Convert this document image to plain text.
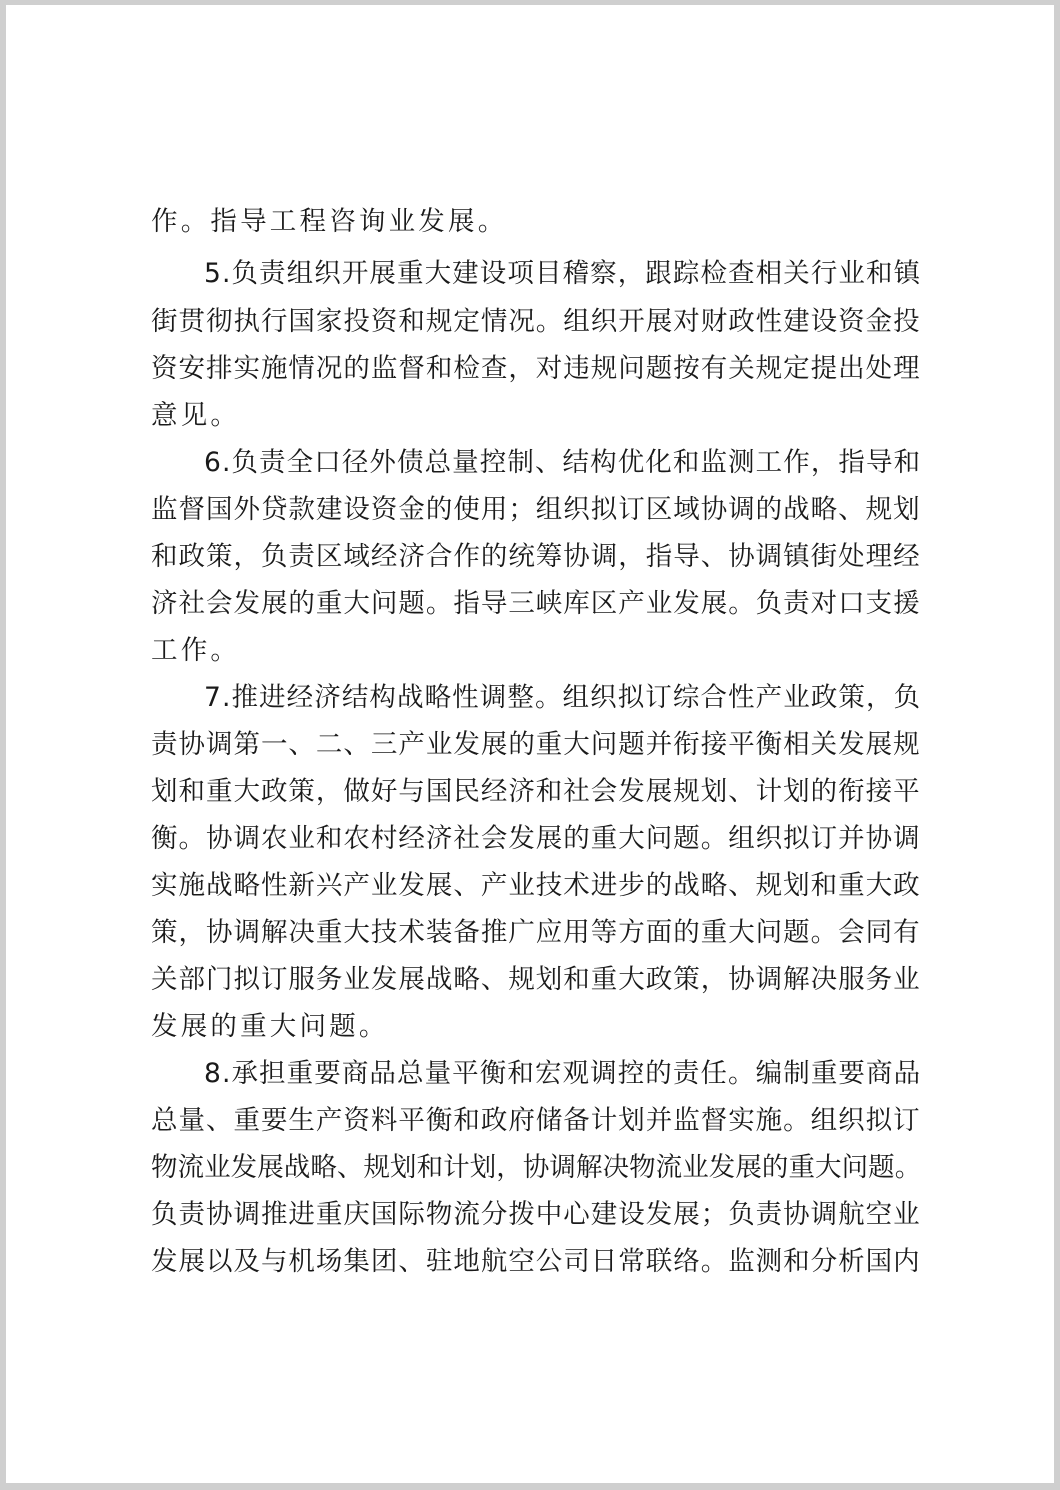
作。指导工程咨询业发展。
5.负责组织开展重大建设项目稽察，跟踪检查相关行业和镇
街贯彻执行国家投资和规定情况。组织开展对财政性建设资金投
资安排实施情况的监督和检查，对违规问题按有关规定提出处理
意见。
6.负责全口径外债总量控制、结构优化和监测工作，指导和
监督国外贷款建设资金的使用；组织拟订区域协调的战略、规划
和政策，负责区域经济合作的统筹协调，指导、协调镇街处理经
济社会发展的重大问题。指导三峡库区产业发展。负责对口支援
工作。
7.推进经济结构战略性调整。组织拟订综合性产业政策，负
责协调第一、二、三产业发展的重大问题并衔接平衡相关发展规
划和重大政策，做好与国民经济和社会发展规划、计划的衔接平
衡。协调农业和农村经济社会发展的重大问题。组织拟订并协调
实施战略性新兴产业发展、产业技术进步的战略、规划和重大政
策，协调解决重大技术装备推广应用等方面的重大问题。会同有
关部门拟订服务业发展战略、规划和重大政策，协调解决服务业
发展的重大问题。
8.承担重要商品总量平衡和宏观调控的责任。编制重要商品
总量、重要生产资料平衡和政府储备计划并监督实施。组织拟订
物流业发展战略、规划和计划，协调解决物流业发展的重大问题。
负责协调推进重庆国际物流分拨中心建设发展；负责协调航空业
发展以及与机场集团、驻地航空公司日常联络。监测和分析国内
